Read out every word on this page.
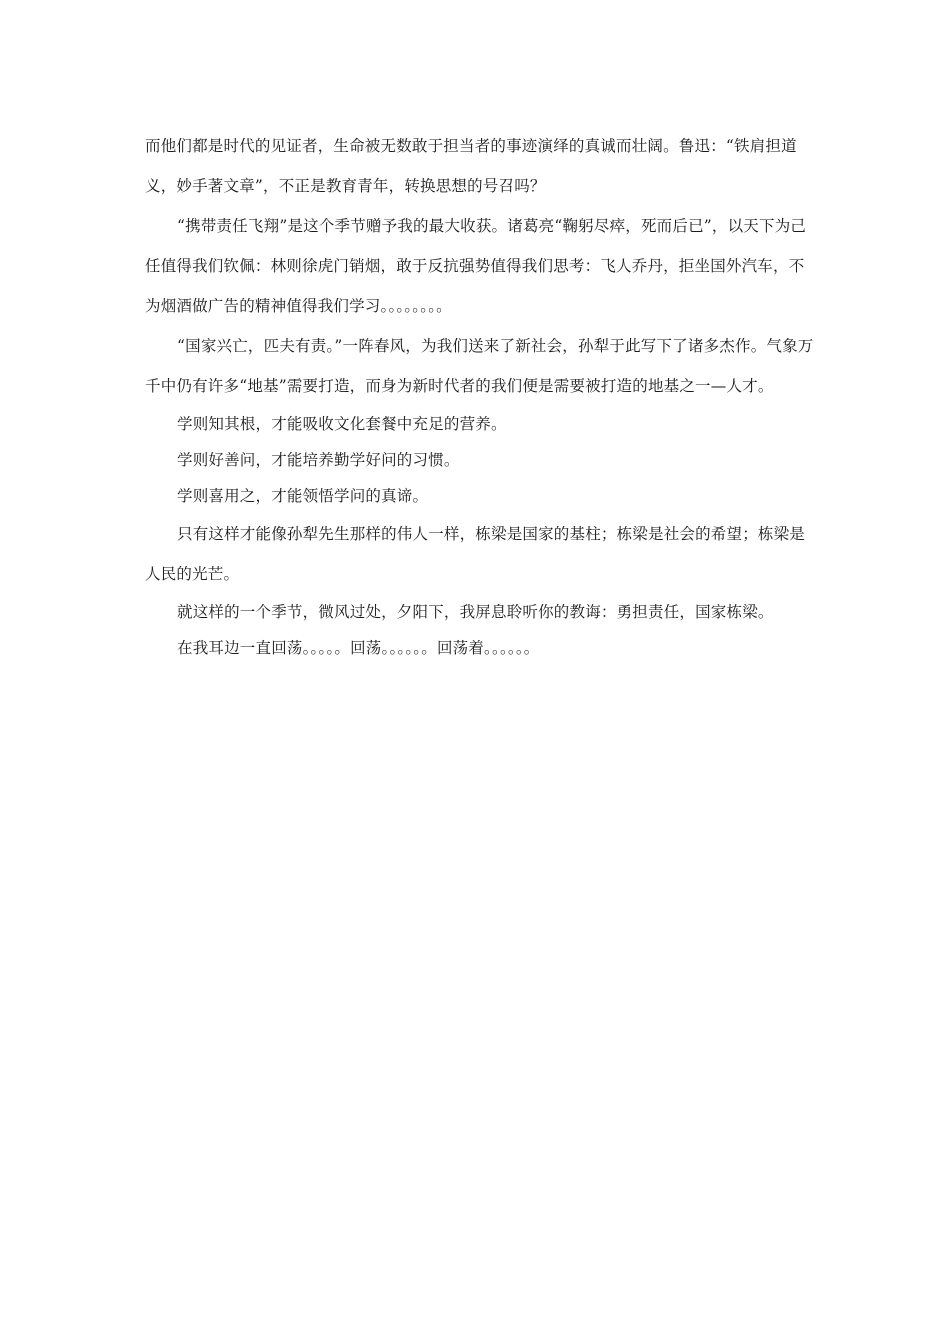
而他们都是时代的见证者，生命被无数敢于担当者的事迹演绎的真诚而壮阔。鲁迅：“铁肩担道义，妙手著文章”，不正是教育青年，转换思想的号召吗？

“携带责任飞翔”是这个季节赠予我的最大收获。诸葛亮“鞠躬尽瘁，死而后已”，以天下为己任值得我们钦佩：林则徐虎门销烟，敢于反抗强势值得我们思考：飞人乔丹，拒坐国外汽车，不为烟酒做广告的精神值得我们学习。。。。。。。。

“国家兴亡，匹夫有责。”一阵春风，为我们送来了新社会，孙犁于此写下了诸多杰作。气象万千中仍有许多“地基”需要打造，而身为新时代者的我们便是需要被打造的地基之一—人才。

学则知其根，才能吸收文化套餐中充足的营养。

学则好善问，才能培养勤学好问的习惯。

学则喜用之，才能领悟学问的真谛。

只有这样才能像孙犁先生那样的伟人一样，栋梁是国家的基柱；栋梁是社会的希望；栋梁是人民的光芒。

就这样的一个季节，微风过处，夕阳下，我屏息聆听你的教诲：勇担责任，国家栋梁。

在我耳边一直回荡。。。。。回荡。。。。。。回荡着。。。。。。
